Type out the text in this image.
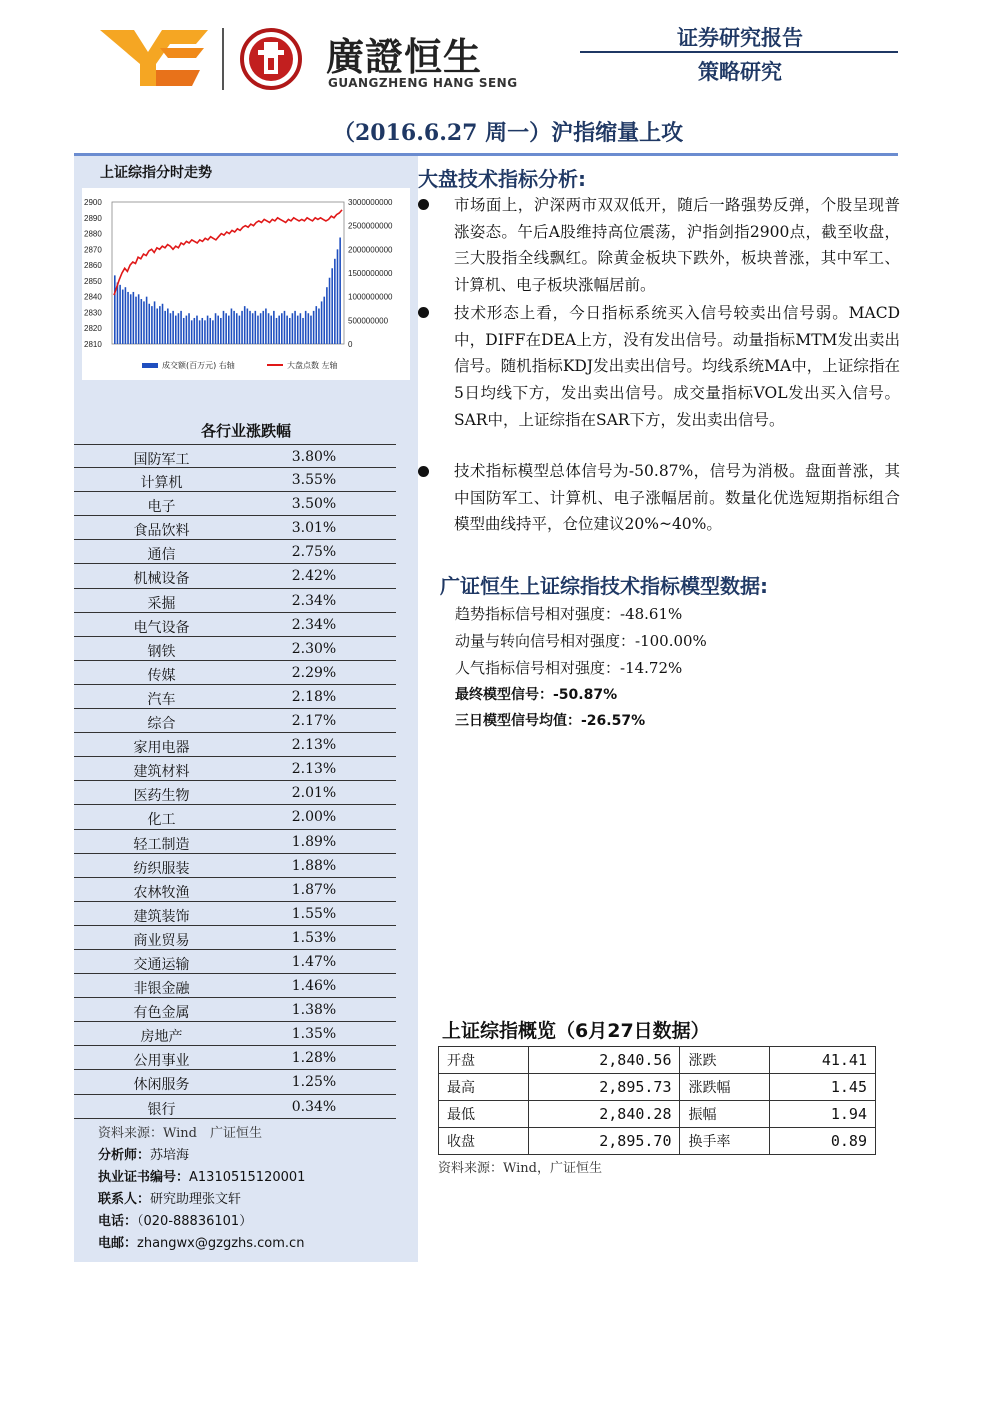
廣證恒生
GUANGZHENG HANG SENG
证券研究报告
策略研究
（2016.6.27 周一）沪指缩量上攻
上证综指分时走势
2900
2890
2880
2870
2860
2850
2840
2830
2820
2810
3000000000
2500000000
2000000000
1500000000
1000000000
500000000
0
成交额(百万元) 右轴	大盘点数 左轴
各行业涨跌幅
国防军工	3.80%
计算机	3.55%
电子	3.50%
食品饮料	3.01%
通信	2.75%
机械设备	2.42%
采掘	2.34%
电气设备	2.34%
钢铁	2.30%
传媒	2.29%
汽车	2.18%
综合	2.17%
家用电器	2.13%
建筑材料	2.13%
医药生物	2.01%
化工	2.00%
轻工制造	1.89%
纺织服装	1.88%
农林牧渔	1.87%
建筑装饰	1.55%
商业贸易	1.53%
交通运输	1.47%
非银金融	1.46%
有色金属	1.38%
房地产	1.35%
公用事业	1.28%
休闲服务	1.25%
银行	0.34%
资料来源：Wind　广证恒生
分析师：苏培海
执业证书编号：A1310515120001
联系人：研究助理张文轩
电话：（020-88836101）
电邮：zhangwx@gzgzhs.com.cn
大盘技术指标分析:
市场面上，沪深两市双双低开，随后一路强势反弹，个股呈现普涨姿态。午后A股维持高位震荡，沪指剑指2900点，截至收盘，三大股指全线飘红。除黄金板块下跌外，板块普涨，其中军工、计算机、电子板块涨幅居前。
技术形态上看，今日指标系统买入信号较卖出信号弱。MACD中，DIFF在DEA上方，没有发出信号。动量指标MTM发出卖出信号。随机指标KDJ发出卖出信号。均线系统MA中，上证综指在5日均线下方，发出卖出信号。成交量指标VOL发出买入信号。SAR中，上证综指在SAR下方，发出卖出信号。
技术指标模型总体信号为-50.87%，信号为消极。盘面普涨，其中国防军工、计算机、电子涨幅居前。数量化优选短期指标组合模型曲线持平，仓位建议20%~40%。
广证恒生上证综指技术指标模型数据:
趋势指标信号相对强度：-48.61%
动量与转向信号相对强度：-100.00%
人气指标信号相对强度：-14.72%
最终模型信号：-50.87%
三日模型信号均值：-26.57%
上证综指概览（6月27日数据）
开盘	2,840.56	涨跌	41.41
最高	2,895.73	涨跌幅	1.45
最低	2,840.28	振幅	1.94
收盘	2,895.70	换手率	0.89
资料来源：Wind，广证恒生
